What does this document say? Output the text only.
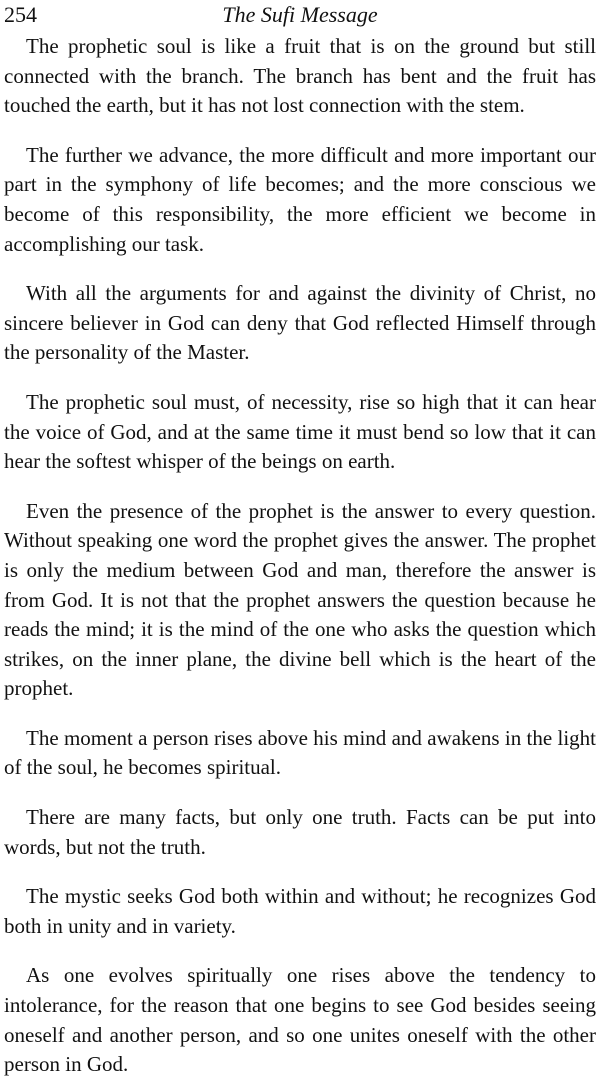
254	The Sufi Message

The prophetic soul is like a fruit that is on the ground but still connected with the branch. The branch has bent and the fruit has touched the earth, but it has not lost connection with the stem.

The further we advance, the more difficult and more important our part in the symphony of life becomes; and the more conscious we become of this responsibility, the more efficient we become in accomplishing our task.

With all the arguments for and against the divinity of Christ, no sincere believer in God can deny that God reflected Himself through the personality of the Master.

The prophetic soul must, of necessity, rise so high that it can hear the voice of God, and at the same time it must bend so low that it can hear the softest whisper of the beings on earth.

Even the presence of the prophet is the answer to every question. Without speaking one word the prophet gives the answer. The prophet is only the medium between God and man, therefore the answer is from God. It is not that the prophet answers the question because he reads the mind; it is the mind of the one who asks the question which strikes, on the inner plane, the divine bell which is the heart of the prophet.

The moment a person rises above his mind and awakens in the light of the soul, he becomes spiritual.

There are many facts, but only one truth. Facts can be put into words, but not the truth.

The mystic seeks God both within and without; he recognizes God both in unity and in variety.

As one evolves spiritually one rises above the tendency to intolerance, for the reason that one begins to see God besides seeing oneself and another person, and so one unites oneself with the other person in God.
